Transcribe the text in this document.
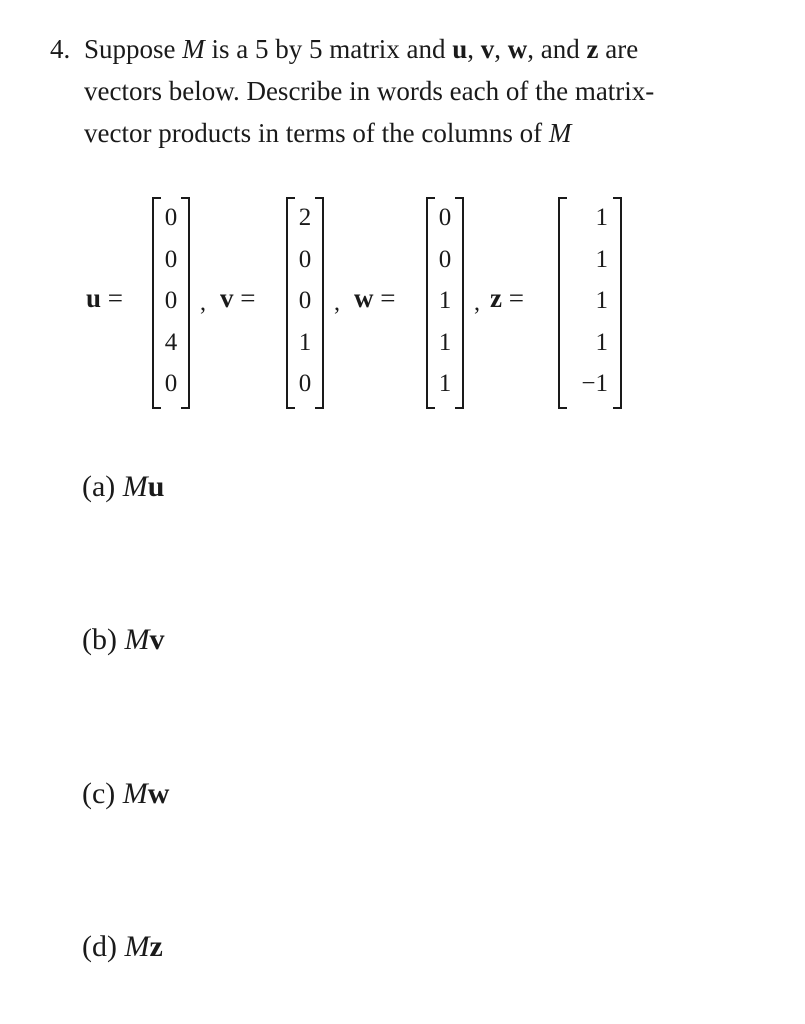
4. Suppose M is a 5 by 5 matrix and u, v, w, and z are
vectors below. Describe in words each of the matrix-
vector products in terms of the columns of M
u =
0
0
0
4
0
, v =
2
0
0
1
0
, w =
0
0
1
1
1
, z =
1
1
1
1
−1
(a) Mu
(b) Mv
(c) Mw
(d) Mz
